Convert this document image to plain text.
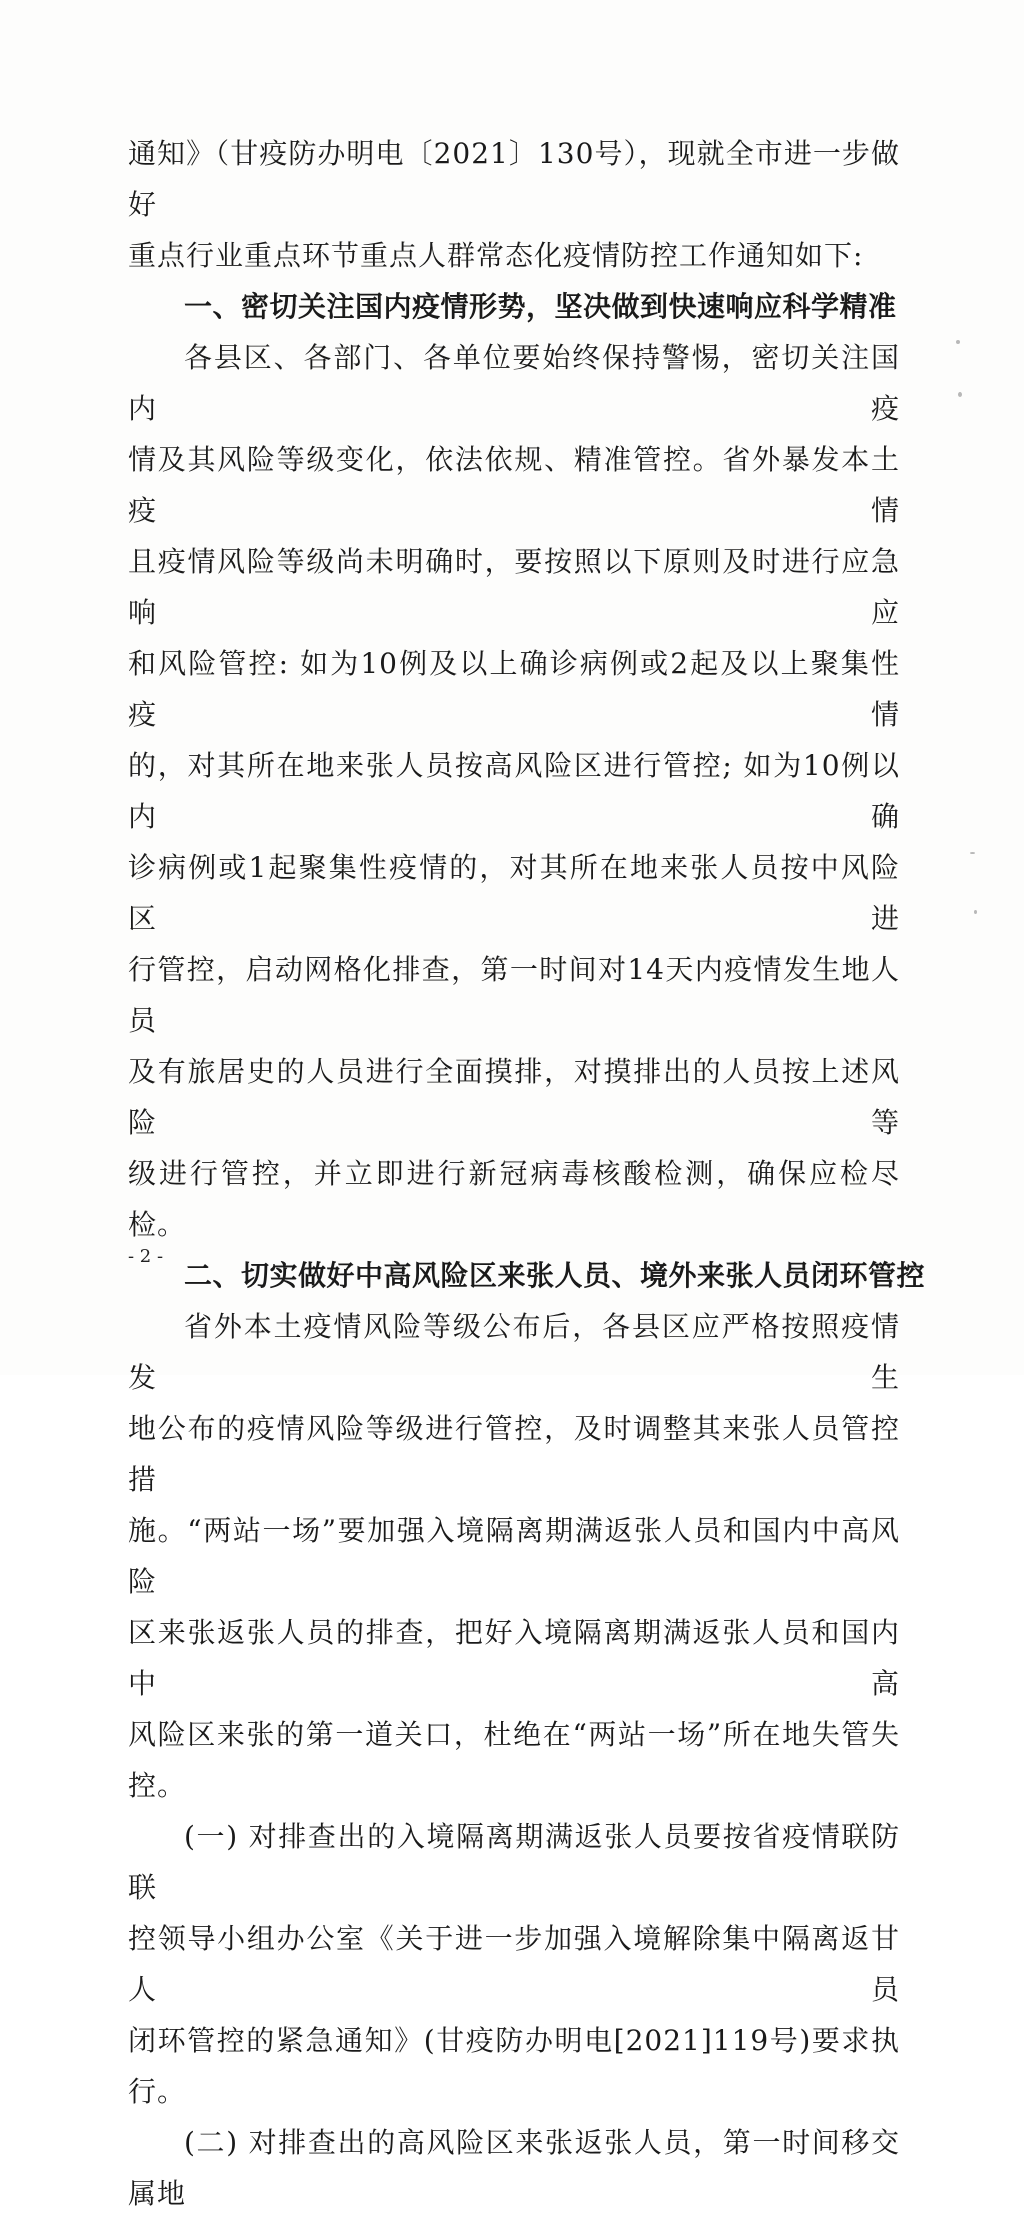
通知》（甘疫防办明电〔2021〕130号），现就全市进一步做好

重点行业重点环节重点人群常态化疫情防控工作通知如下:

一、密切关注国内疫情形势，坚决做到快速响应科学精准

各县区、各部门、各单位要始终保持警惕，密切关注国内疫

情及其风险等级变化，依法依规、精准管控。省外暴发本土疫情

且疫情风险等级尚未明确时，要按照以下原则及时进行应急响应

和风险管控: 如为10例及以上确诊病例或2起及以上聚集性疫情

的，对其所在地来张人员按高风险区进行管控; 如为10例以内确

诊病例或1起聚集性疫情的，对其所在地来张人员按中风险区进

行管控，启动网格化排查，第一时间对14天内疫情发生地人员

及有旅居史的人员进行全面摸排，对摸排出的人员按上述风险等

级进行管控，并立即进行新冠病毒核酸检测，确保应检尽检。

二、切实做好中高风险区来张人员、境外来张人员闭环管控

省外本土疫情风险等级公布后，各县区应严格按照疫情发生

地公布的疫情风险等级进行管控，及时调整其来张人员管控措

施。“两站一场”要加强入境隔离期满返张人员和国内中高风险

区来张返张人员的排查，把好入境隔离期满返张人员和国内中高

风险区来张的第一道关口，杜绝在“两站一场”所在地失管失控。

(一) 对排查出的入境隔离期满返张人员要按省疫情联防联

控领导小组办公室《关于进一步加强入境解除集中隔离返甘人员

闭环管控的紧急通知》(甘疫防办明电[2021]119号)要求执行。

(二) 对排查出的高风险区来张返张人员，第一时间移交属地

- 2 -
